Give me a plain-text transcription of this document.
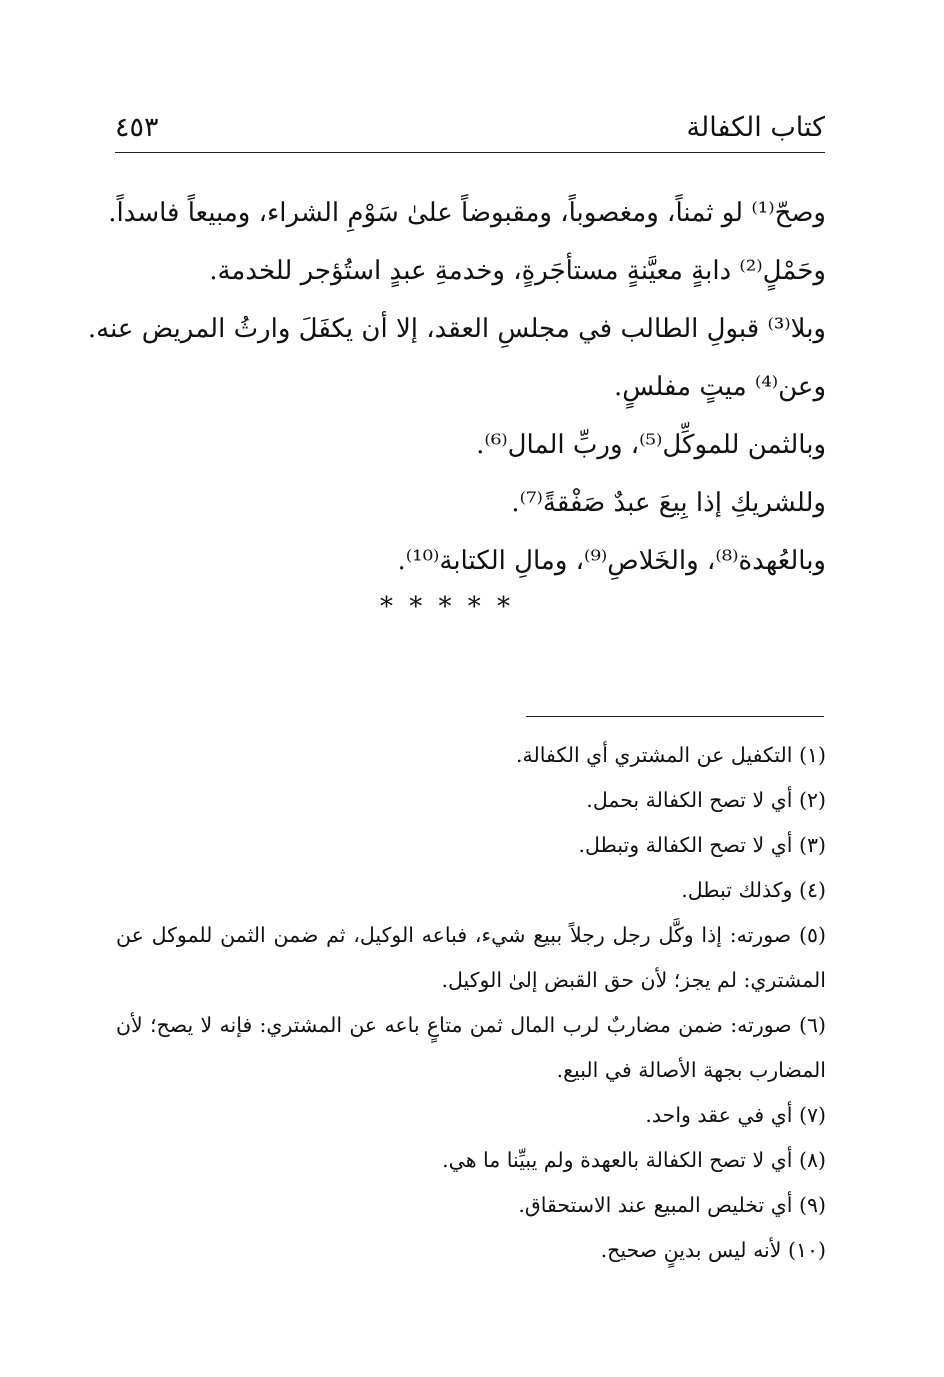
كتاب الكفالة
٤٥٣
وصحّ⁽¹⁾ لو ثمناً، ومغصوباً، ومقبوضاً علىٰ سَوْمِ الشراء، ومبيعاً فاسداً.
وحَمْلٍ⁽²⁾ دابةٍ معيَّنةٍ مستأجَرةٍ، وخدمةِ عبدٍ استُؤجر للخدمة.
وبلا⁽³⁾ قبولِ الطالب في مجلسِ العقد، إلا أن يكفَلَ وارثُ المريض عنه.
وعن⁽⁴⁾ ميتٍ مفلسٍ.
وبالثمن للموكِّل⁽⁵⁾، وربِّ المال⁽⁶⁾.
وللشريكِ إذا بِيعَ عبدٌ صَفْقةً⁽⁷⁾.
وبالعُهدة⁽⁸⁾، والخَلاصِ⁽⁹⁾، ومالِ الكتابة⁽¹⁰⁾.
* * * * *
(١) التكفيل عن المشتري أي الكفالة.
(٢) أي لا تصح الكفالة بحمل.
(٣) أي لا تصح الكفالة وتبطل.
(٤) وكذلك تبطل.
(٥) صورته: إذا وكَّل رجل رجلاً ببيع شيء، فباعه الوكيل، ثم ضمن الثمن للموكل عن المشتري: لم يجز؛ لأن حق القبض إلىٰ الوكيل.
(٦) صورته: ضمن مضاربٌ لرب المال ثمن متاعٍ باعه عن المشتري: فإنه لا يصح؛ لأن المضارب بجهة الأصالة في البيع.
(٧) أي في عقد واحد.
(٨) أي لا تصح الكفالة بالعهدة ولم يبيِّنا ما هي.
(٩) أي تخليص المبيع عند الاستحقاق.
(١٠) لأنه ليس بدينٍ صحيح.
